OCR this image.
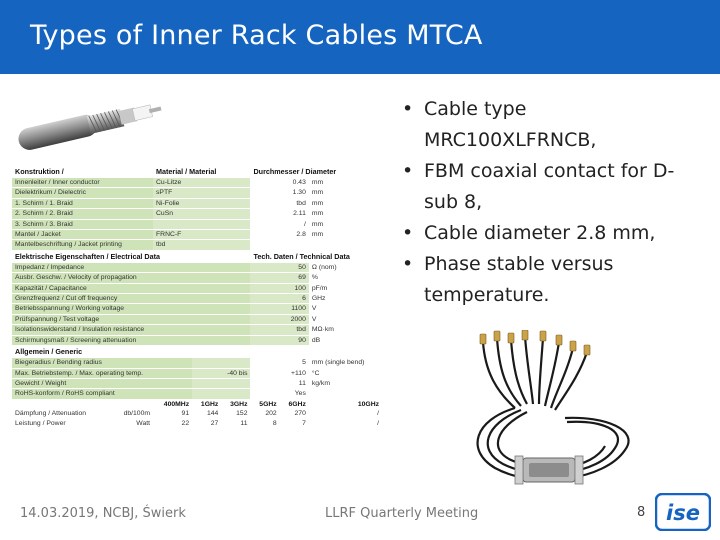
Types of Inner Rack Cables MTCA
Konstruktion /		Material / Material			Durchmesser / Diameter		
Innenleiter / Inner conductor		Cu-Litze			0.43		mm
Dielektrikum / Dielectric		sPTF			1.30		mm
1. Schirm / 1. Braid		Ni-Folie			tbd		mm
2. Schirm / 2. Braid		CuSn			2.11		mm
3. Schirm / 3. Braid					/		mm
Mantel / Jacket		FRNC-F			2.8		mm
Mantelbeschriftung / Jacket printing		tbd					
Elektrische Eigenschaften / Electrical Data					Tech. Daten / Technical Data		
Impedanz / Impedance					50		Ω (nom)
Ausbr. Geschw. / Velocity of propagation					69		%
Kapazität / Capacitance					100		pF/m
Grenzfrequenz / Cut off frequency					6		GHz
Betriebsspannung / Working voltage					1100		V
Prüfspannung / Test voltage					2000		V
Isolationswiderstand / Insulation resistance					tbd		MΩ·km
Schirmungsmaß / Screening attenuation					90		dB
Allgemein / Generic							
Biegeradius / Bending radius					5		mm (single bend)
Max. Betriebstemp. / Max. operating temp.			-40 bis		+110		°C
Gewicht / Weight					11		kg/km
RoHS-konform / RoHS compliant					Yes		
		400MHz	1GHz	3GHz	5GHz	6GHz	10GHz
Dämpfung / Attenuation	db/100m	91	144	152	202	270	/
Leistung / Power	Watt	22	27	11	8	7	/
• Cable type MRC100XLFRNCB,
• FBM coaxial contact for D-sub 8,
• Cable diameter 2.8 mm,
• Phase stable versus temperature.
14.03.2019, NCBJ, Świerk	LLRF Quarterly Meeting	8 ise
